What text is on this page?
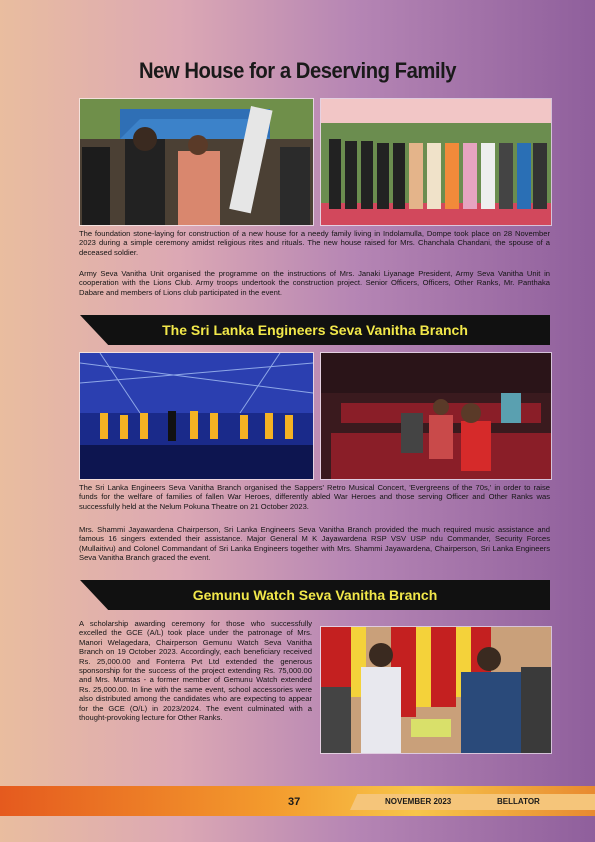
New House for a Deserving Family

The foundation stone-laying for construction of a new house for a needy family living in Indolamulla, Dompe took place on 28 November 2023 during a simple ceremony amidst religious rites and rituals. The new house raised for Mrs. Chanchala Chandani, the spouse of a deceased soldier.

Army Seva Vanitha Unit organised the programme on the instructions of Mrs. Janaki Liyanage President, Army Seva Vanitha Unit in cooperation with the Lions Club. Army troops undertook the construction project. Senior Officers, Officers, Other Ranks, Mr. Panthaka Dabare and members of Lions club participated in the event.

The Sri Lanka Engineers Seva Vanitha Branch

The Sri Lanka Engineers Seva Vanitha Branch organised the Sappers' Retro Musical Concert, 'Evergreens of the 70s,' in order to raise funds for the welfare of families of fallen War Heroes, differently abled War Heroes and those serving Officer and Other Ranks was successfully held at the Nelum Pokuna Theatre on 21 October 2023.

Mrs. Shammi Jayawardena Chairperson, Sri Lanka Engineers Seva Vanitha Branch provided the much required music assistance and famous 16 singers extended their assistance. Major General M K Jayawardena RSP VSV USP ndu Commander, Security Forces (Mullaitivu) and Colonel Commandant of Sri Lanka Engineers together with Mrs. Shammi Jayawardena, Chairperson, Sri Lanka Engineers Seva Vanitha Branch graced the event.

Gemunu Watch Seva Vanitha Branch

A scholarship awarding ceremony for those who successfully excelled the GCE (A/L) took place under the patronage of Mrs. Manori Welagedara, Chairperson Gemunu Watch Seva Vanitha Branch on 19 October 2023. Accordingly, each beneficiary received Rs. 25,000.00 and Fonterra Pvt Ltd extended the generous sponsorship for the success of the project extending Rs. 75,000.00 and Mrs. Mumtas - a former member of Gemunu Watch extended Rs. 25,000.00. In line with the same event, school accessories were also distributed among the candidates who are expecting to appear for the GCE (O/L) in 2023/2024. The event culminated with a thought-provoking lecture for Other Ranks.

37	NOVEMBER 2023	BELLATOR
